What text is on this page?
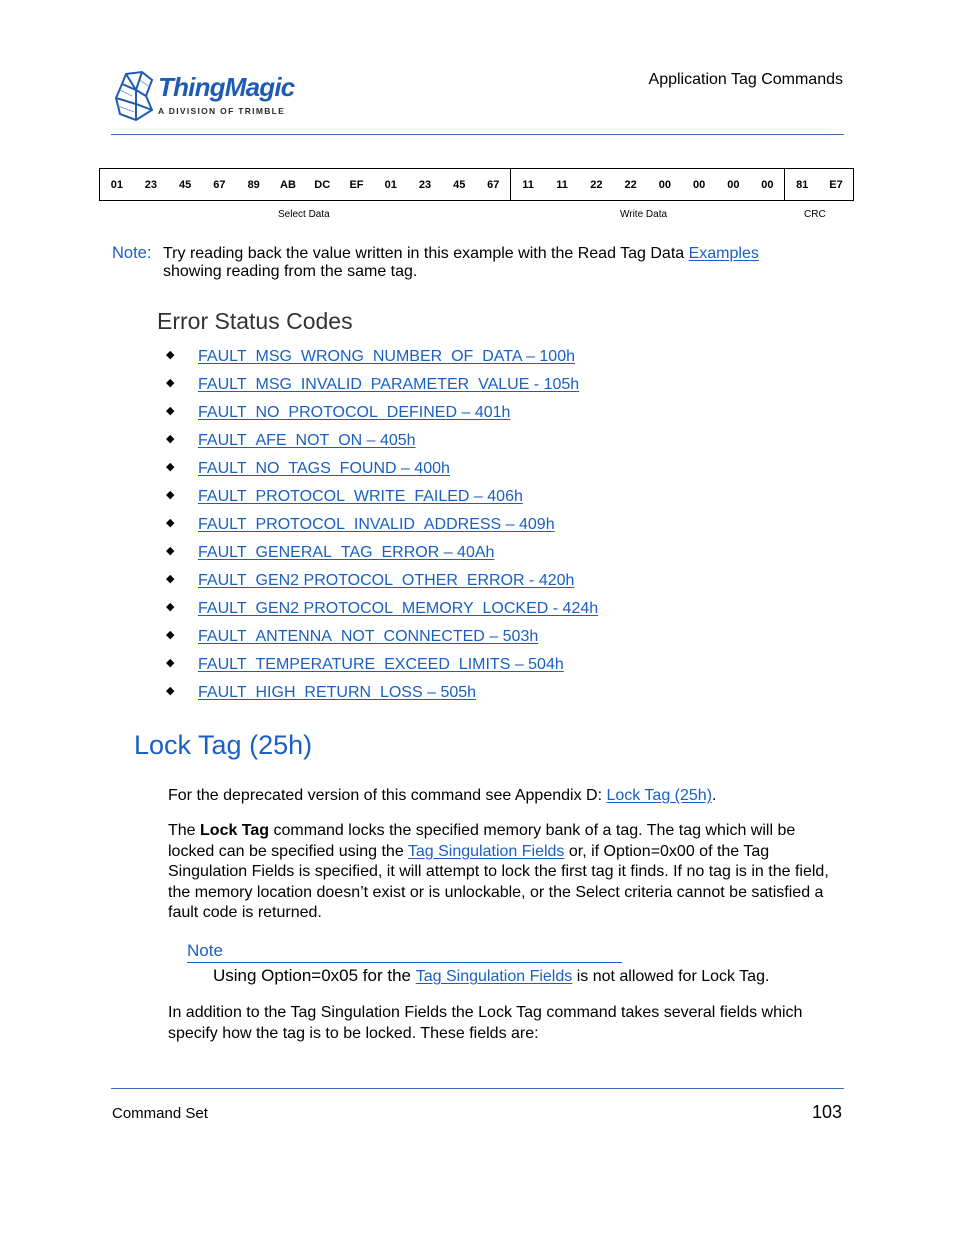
ThingMagic
A DIVISION OF TRIMBLE
Application Tag Commands
01	23	45	67	89	AB	DC	EF	01	23	45	67	11	11	22	22	00	00	00	00	81	E7
Select Data	Write Data	CRC
Note: Try reading back the value written in this example with the Read Tag Data Examples
showing reading from the same tag.
Error Status Codes
◆	FAULT_MSG_WRONG_NUMBER_OF_DATA – 100h
◆	FAULT_MSG_INVALID_PARAMETER_VALUE - 105h
◆	FAULT_NO_PROTOCOL_DEFINED – 401h
◆	FAULT_AFE_NOT_ON – 405h
◆	FAULT_NO_TAGS_FOUND – 400h
◆	FAULT_PROTOCOL_WRITE_FAILED – 406h
◆	FAULT_PROTOCOL_INVALID_ADDRESS – 409h
◆	FAULT_GENERAL_TAG_ERROR – 40Ah
◆	FAULT_GEN2 PROTOCOL_OTHER_ERROR - 420h
◆	FAULT_GEN2 PROTOCOL_MEMORY_LOCKED - 424h
◆	FAULT_ANTENNA_NOT_CONNECTED – 503h
◆	FAULT_TEMPERATURE_EXCEED_LIMITS – 504h
◆	FAULT_HIGH_RETURN_LOSS – 505h
Lock Tag (25h)
For the deprecated version of this command see Appendix D: Lock Tag (25h).
The Lock Tag command locks the specified memory bank of a tag. The tag which will be locked can be specified using the Tag Singulation Fields or, if Option=0x00 of the Tag Singulation Fields is specified, it will attempt to lock the first tag it finds. If no tag is in the field, the memory location doesn’t exist or is unlockable, or the Select criteria cannot be satisfied a fault code is returned.
Note
Using Option=0x05 for the Tag Singulation Fields is not allowed for Lock Tag.
In addition to the Tag Singulation Fields the Lock Tag command takes several fields which specify how the tag is to be locked. These fields are:
Command Set	103
